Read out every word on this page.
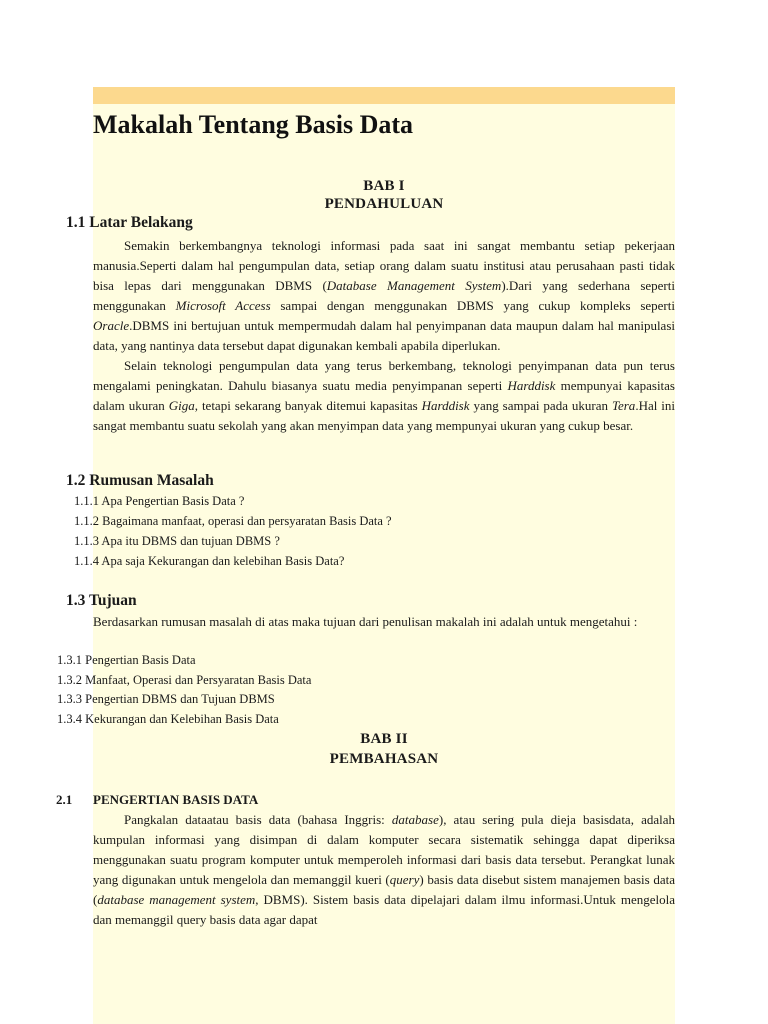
Makalah Tentang Basis Data
BAB I
PENDAHULUAN
1.1 Latar Belakang

Semakin berkembangnya teknologi informasi pada saat ini sangat membantu setiap pekerjaan manusia.Seperti dalam hal pengumpulan data, setiap orang dalam suatu institusi atau perusahaan pasti tidak bisa lepas dari menggunakan DBMS (Database Management System).Dari yang sederhana seperti menggunakan Microsoft Access sampai dengan menggunakan DBMS yang cukup kompleks seperti Oracle.DBMS ini bertujuan untuk mempermudah dalam hal penyimpanan data maupun dalam hal manipulasi data, yang nantinya data tersebut dapat digunakan kembali apabila diperlukan.

Selain teknologi pengumpulan data yang terus berkembang, teknologi penyimpanan data pun terus mengalami peningkatan. Dahulu biasanya suatu media penyimpanan seperti Harddisk mempunyai kapasitas dalam ukuran Giga, tetapi sekarang banyak ditemui kapasitas Harddisk yang sampai pada ukuran Tera.Hal ini sangat membantu suatu sekolah yang akan menyimpan data yang mempunyai ukuran yang cukup besar.

1.2 Rumusan Masalah
1.1.1 Apa Pengertian Basis Data ?
1.1.2 Bagaimana manfaat, operasi dan persyaratan Basis Data ?
1.1.3 Apa itu DBMS dan tujuan DBMS ?
1.1.4 Apa saja Kekurangan dan kelebihan Basis Data?
1.3 Tujuan

Berdasarkan rumusan masalah di atas maka tujuan dari penulisan makalah ini adalah untuk mengetahui :

1.3.1 Pengertian Basis Data
1.3.2 Manfaat, Operasi dan Persyaratan Basis Data
1.3.3 Pengertian DBMS dan Tujuan DBMS
1.3.4 Kekurangan dan Kelebihan Basis Data
BAB II
PEMBAHASAN
2.1 PENGERTIAN BASIS DATA

Pangkalan dataatau basis data (bahasa Inggris: database), atau sering pula dieja basisdata, adalah kumpulan informasi yang disimpan di dalam komputer secara sistematik sehingga dapat diperiksa menggunakan suatu program komputer untuk memperoleh informasi dari basis data tersebut. Perangkat lunak yang digunakan untuk mengelola dan memanggil kueri (query) basis data disebut sistem manajemen basis data (database management system, DBMS). Sistem basis data dipelajari dalam ilmu informasi.Untuk mengelola dan memanggil query basis data agar dapat
